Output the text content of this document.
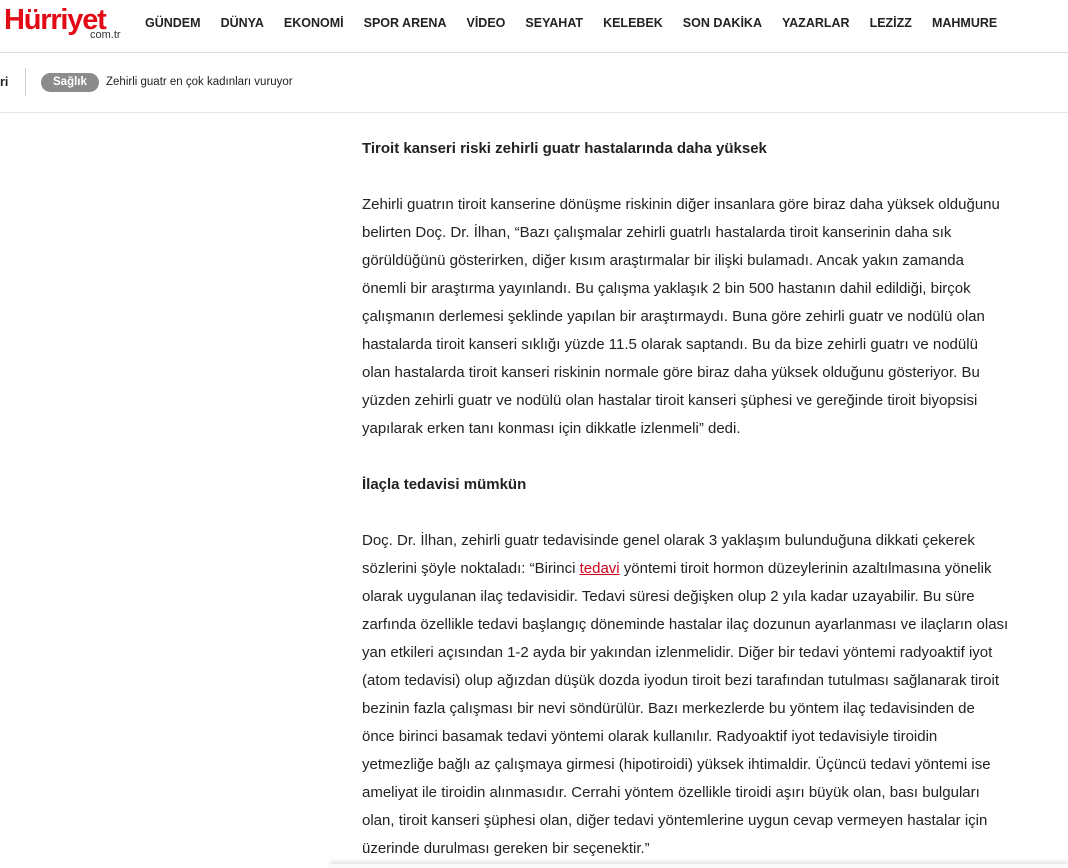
Hürriyet
com.tr
GÜNDEM DÜNYA EKONOMİ SPOR ARENA VİDEO SEYAHAT KELEBEK SON DAKİKA YAZARLAR LEZİZZ MAHMURE
ri	Sağlık	Zehirli guatr en çok kadınları vuruyor
Tiroit kanseri riski zehirli guatr hastalarında daha yüksek

Zehirli guatrın tiroit kanserine dönüşme riskinin diğer insanlara göre biraz daha yüksek olduğunu
belirten Doç. Dr. İlhan, “Bazı çalışmalar zehirli guatrlı hastalarda tiroit kanserinin daha sık
görüldüğünü gösterirken, diğer kısım araştırmalar bir ilişki bulamadı. Ancak yakın zamanda
önemli bir araştırma yayınlandı. Bu çalışma yaklaşık 2 bin 500 hastanın dahil edildiği, birçok
çalışmanın derlemesi şeklinde yapılan bir araştırmaydı. Buna göre zehirli guatr ve nodülü olan
hastalarda tiroit kanseri sıklığı yüzde 11.5 olarak saptandı. Bu da bize zehirli guatrı ve nodülü
olan hastalarda tiroit kanseri riskinin normale göre biraz daha yüksek olduğunu gösteriyor. Bu
yüzden zehirli guatr ve nodülü olan hastalar tiroit kanseri şüphesi ve gereğinde tiroit biyopsisi
yapılarak erken tanı konması için dikkatle izlenmeli” dedi.

İlaçla tedavisi mümkün

Doç. Dr. İlhan, zehirli guatr tedavisinde genel olarak 3 yaklaşım bulunduğuna dikkati çekerek
sözlerini şöyle noktaladı: “Birinci tedavi yöntemi tiroit hormon düzeylerinin azaltılmasına yönelik
olarak uygulanan ilaç tedavisidir. Tedavi süresi değişken olup 2 yıla kadar uzayabilir. Bu süre
zarfında özellikle tedavi başlangıç döneminde hastalar ilaç dozunun ayarlanması ve ilaçların olası
yan etkileri açısından 1-2 ayda bir yakından izlenmelidir. Diğer bir tedavi yöntemi radyoaktif iyot
(atom tedavisi) olup ağızdan düşük dozda iyodun tiroit bezi tarafından tutulması sağlanarak tiroit
bezinin fazla çalışması bir nevi söndürülür. Bazı merkezlerde bu yöntem ilaç tedavisinden de
önce birinci basamak tedavi yöntemi olarak kullanılır. Radyoaktif iyot tedavisiyle tiroidin
yetmezliğe bağlı az çalışmaya girmesi (hipotiroidi) yüksek ihtimaldir. Üçüncü tedavi yöntemi ise
ameliyat ile tiroidin alınmasıdır. Cerrahi yöntem özellikle tiroidi aşırı büyük olan, bası bulguları
olan, tiroit kanseri şüphesi olan, diğer tedavi yöntemlerine uygun cevap vermeyen hastalar için
üzerinde durulması gereken bir seçenektir.”
